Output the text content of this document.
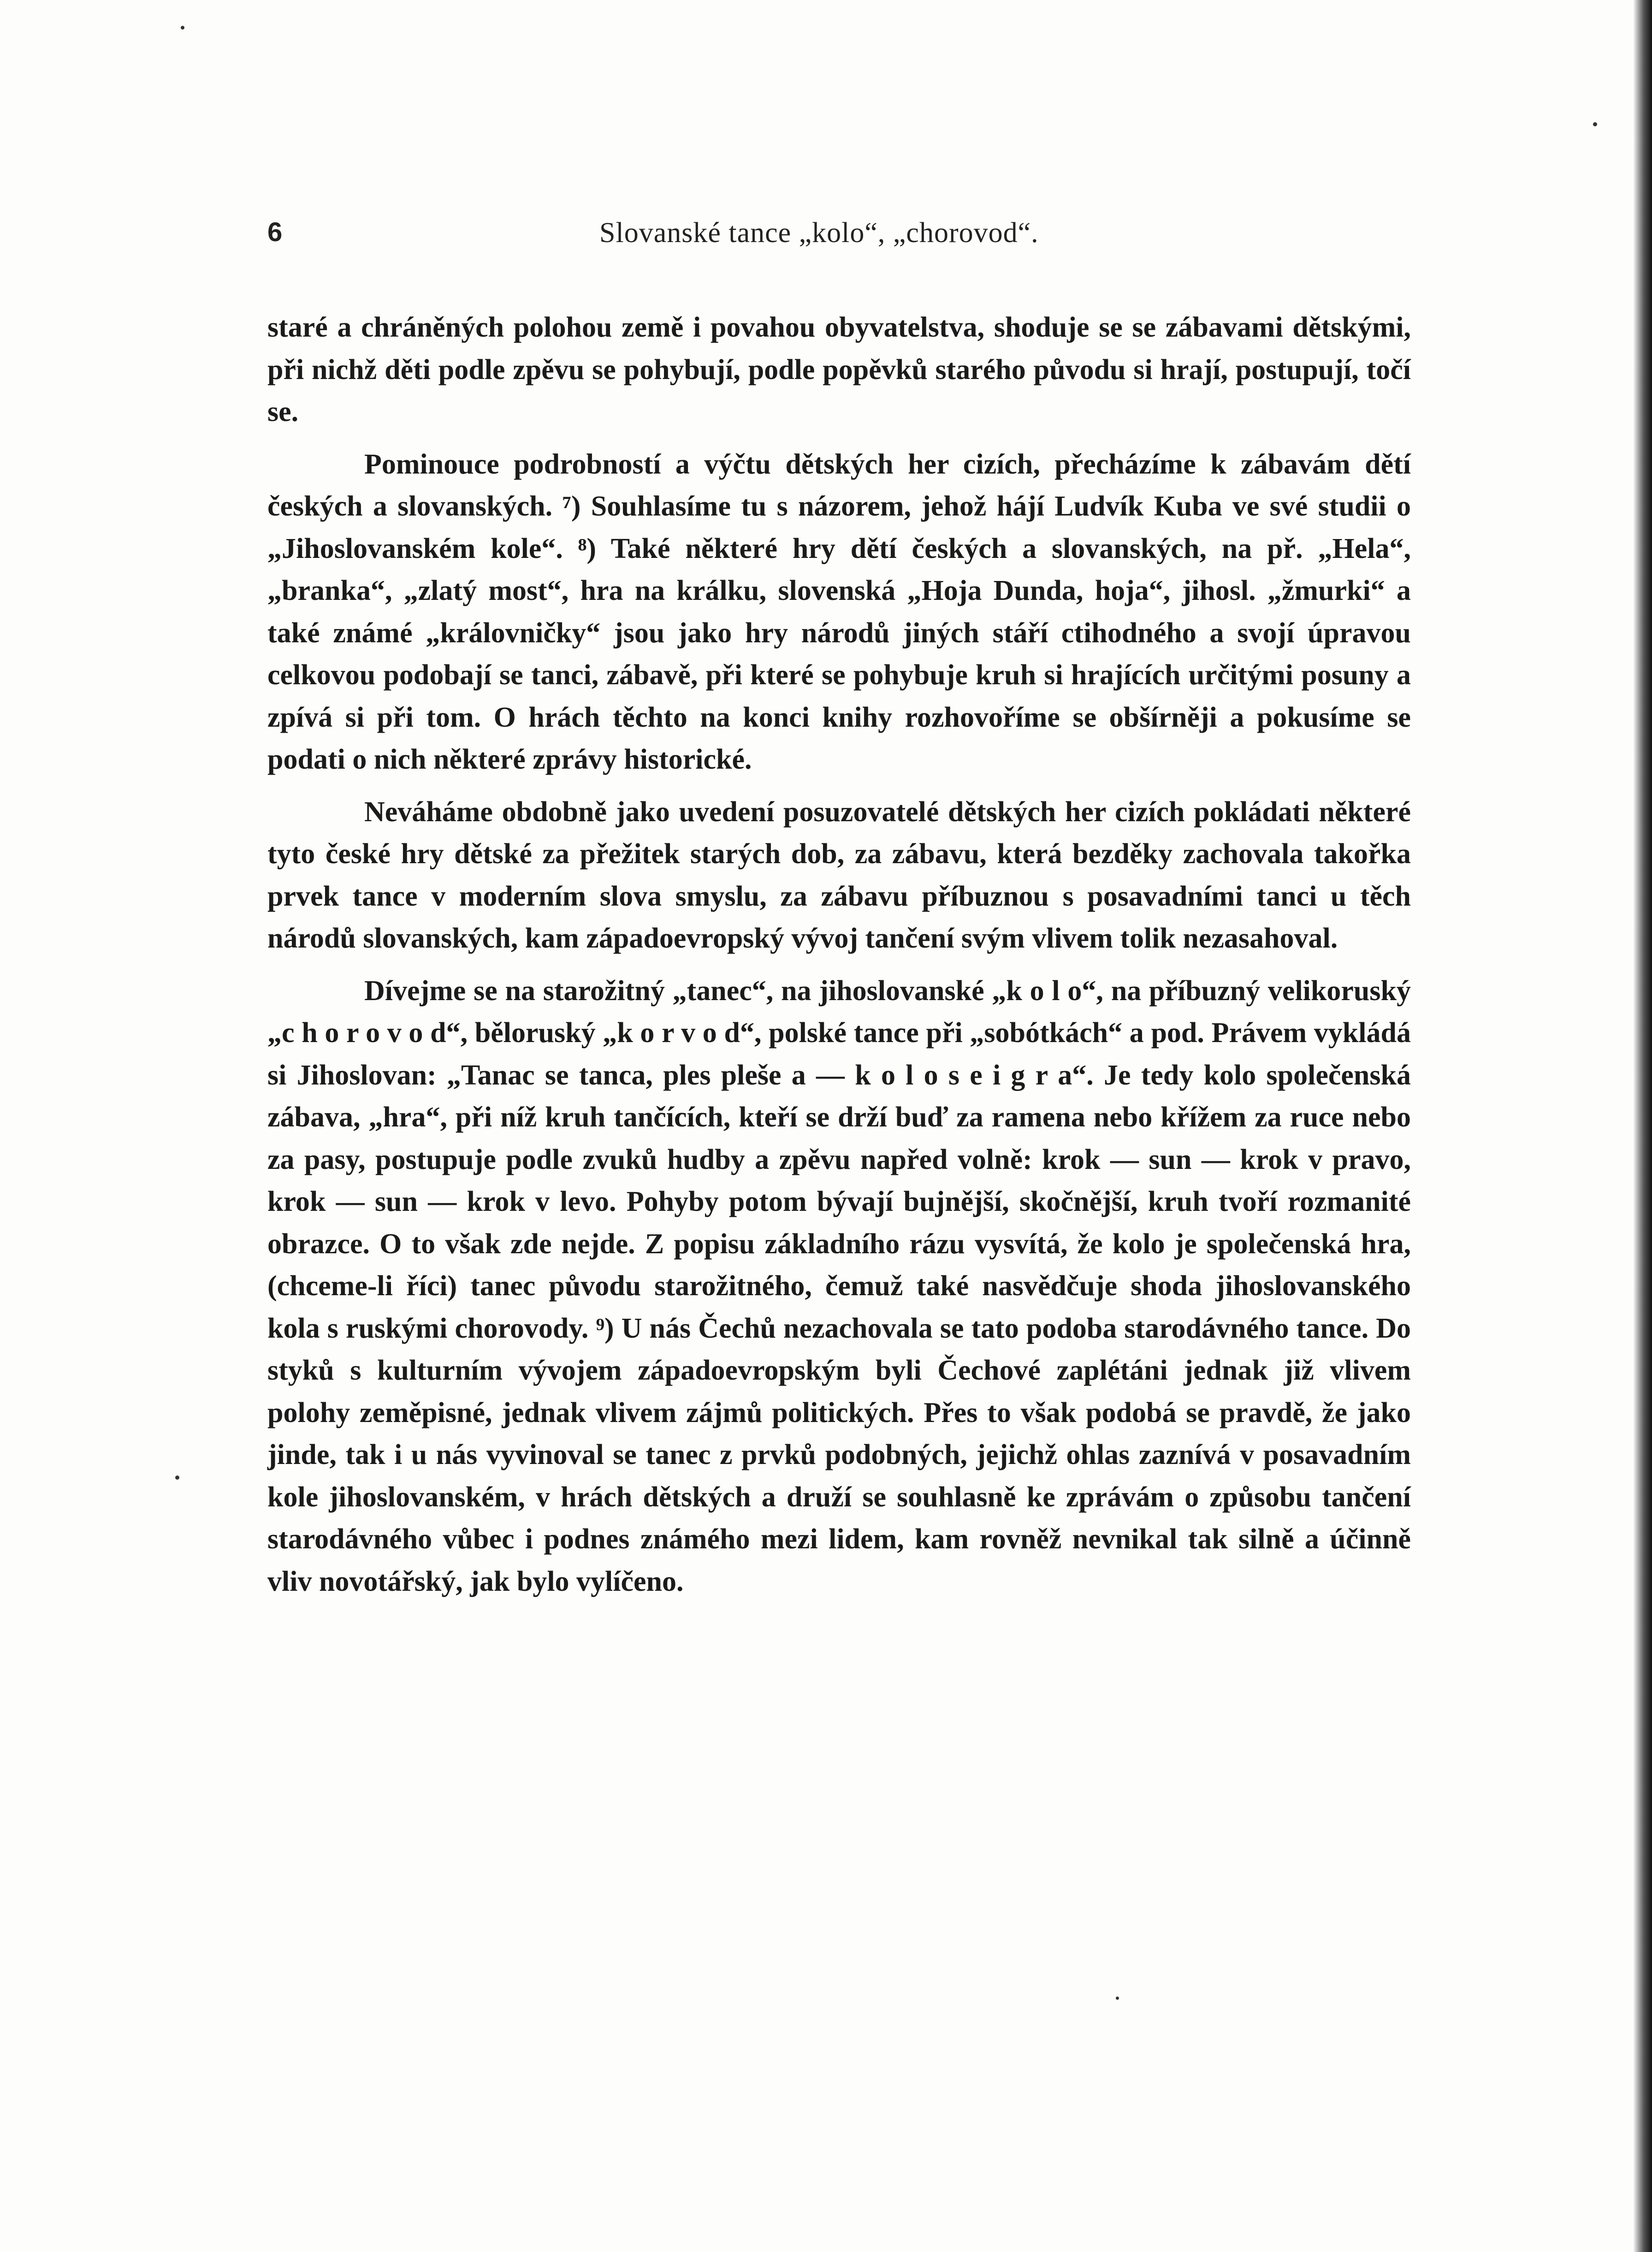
6	Slovanské tance „kolo“, „chorovod“.

staré a chráněných polohou země i povahou obyvatelstva, shoduje se se zábavami dětskými, při nichž děti podle zpěvu se pohybují, podle popěvků starého původu si hrají, postupují, točí se.

Pominouce podrobností a výčtu dětských her cizích, přecházíme k zábavám dětí českých a slovanských. ⁷) Souhlasíme tu s názorem, jehož hájí Ludvík Kuba ve své studii o „Jihoslovanském kole“. ⁸) Také některé hry dětí českých a slovanských, na př. „Hela“, „branka“, „zlatý most“, hra na králku, slovenská „Hoja Dunda, hoja“, jihosl. „žmurki“ a také známé „královničky“ jsou jako hry národů jiných stáří ctihodného a svojí úpravou celkovou podobají se tanci, zábavě, při které se pohybuje kruh si hrajících určitými posuny a zpívá si při tom. O hrách těchto na konci knihy rozhovoříme se obšírněji a pokusíme se podati o nich některé zprávy historické.

Neváháme obdobně jako uvedení posuzovatelé dětských her cizích pokládati některé tyto české hry dětské za přežitek starých dob, za zábavu, která bezděky zachovala takořka prvek tance v moderním slova smyslu, za zábavu příbuznou s posavadními tanci u těch národů slovanských, kam západoevropský vývoj tančení svým vlivem tolik nezasahoval.

Dívejme se na starožitný „tanec“, na jihoslovanské „k o l o“, na příbuzný velikoruský „c h o r o v o d“, běloruský „k o r v o d“, polské tance při „sobótkách“ a pod. Právem vykládá si Jihoslovan: „Tanac se tanca, ples pleše a — k o l o s e i g r a“. Je tedy kolo společenská zábava, „hra“, při níž kruh tančících, kteří se drží buď za ramena nebo křížem za ruce nebo za pasy, postupuje podle zvuků hudby a zpěvu napřed volně: krok — sun — krok v pravo, krok — sun — krok v levo. Pohyby potom bývají bujnější, skočnější, kruh tvoří rozmanité obrazce. O to však zde nejde. Z popisu základního rázu vysvítá, že kolo je společenská hra, (chceme-li říci) tanec původu starožitného, čemuž také nasvědčuje shoda jihoslovanského kola s ruskými chorovody. ⁹) U nás Čechů nezachovala se tato podoba starodávného tance. Do styků s kulturním vývojem západoevropským byli Čechové zaplétáni jednak již vlivem polohy zeměpisné, jednak vlivem zájmů politických. Přes to však podobá se pravdě, že jako jinde, tak i u nás vyvinoval se tanec z prvků podobných, jejichž ohlas zaznívá v posavadním kole jihoslovanském, v hrách dětských a druží se souhlasně ke zprávám o způsobu tančení starodávného vůbec i podnes známého mezi lidem, kam rovněž nevnikal tak silně a účinně vliv novotářský, jak bylo vylíčeno.
